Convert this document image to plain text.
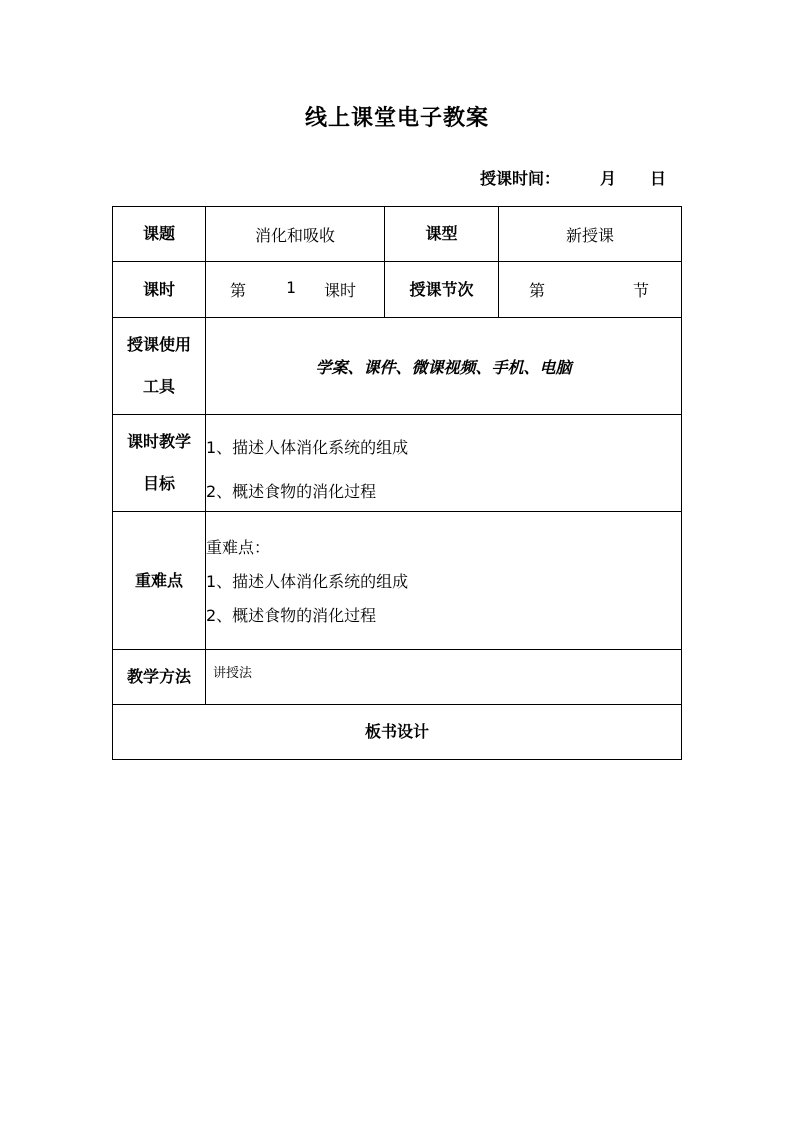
线上课堂电子教案
授课时间： 月 日
课题	消化和吸收	课型	新授课
课时	第 1 课时	授课节次	第 节

授课使用
工具	学案、课件、微课视频、手机、电脑		

课时教学
目标	1、描述人体消化系统的组成
2、概述食物的消化过程		

重难点	重难点：
1、描述人体消化系统的组成
2、概述食物的消化过程		

教学方法	讲授法		
板书设计			
